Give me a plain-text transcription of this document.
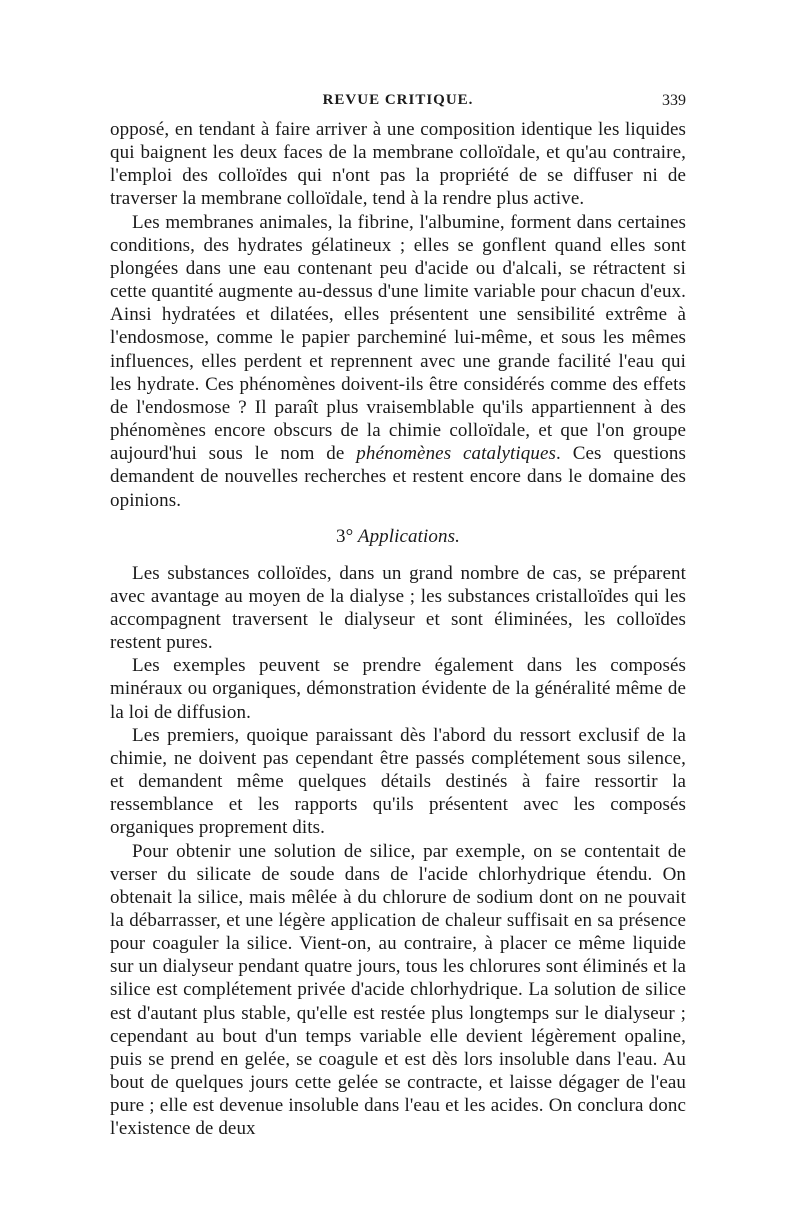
REVUE CRITIQUE.	339

opposé, en tendant à faire arriver à une composition identique les liquides qui baignent les deux faces de la membrane colloïdale, et qu'au contraire, l'emploi des colloïdes qui n'ont pas la propriété de se diffuser ni de traverser la membrane colloïdale, tend à la rendre plus active.

Les membranes animales, la fibrine, l'albumine, forment dans certaines conditions, des hydrates gélatineux ; elles se gonflent quand elles sont plongées dans une eau contenant peu d'acide ou d'alcali, se rétractent si cette quantité augmente au-dessus d'une limite variable pour chacun d'eux. Ainsi hydratées et dilatées, elles présentent une sensibilité extrême à l'endosmose, comme le papier parcheminé lui-même, et sous les mêmes influences, elles perdent et reprennent avec une grande facilité l'eau qui les hydrate. Ces phénomènes doivent-ils être considérés comme des effets de l'endosmose ? Il paraît plus vraisemblable qu'ils appartiennent à des phénomènes encore obscurs de la chimie colloïdale, et que l'on groupe aujourd'hui sous le nom de phénomènes catalytiques. Ces questions demandent de nouvelles recherches et restent encore dans le domaine des opinions.

3° Applications.

Les substances colloïdes, dans un grand nombre de cas, se préparent avec avantage au moyen de la dialyse ; les substances cristalloïdes qui les accompagnent traversent le dialyseur et sont éliminées, les colloïdes restent pures.

Les exemples peuvent se prendre également dans les composés minéraux ou organiques, démonstration évidente de la généralité même de la loi de diffusion.

Les premiers, quoique paraissant dès l'abord du ressort exclusif de la chimie, ne doivent pas cependant être passés complétement sous silence, et demandent même quelques détails destinés à faire ressortir la ressemblance et les rapports qu'ils présentent avec les composés organiques proprement dits.

Pour obtenir une solution de silice, par exemple, on se contentait de verser du silicate de soude dans de l'acide chlorhydrique étendu. On obtenait la silice, mais mêlée à du chlorure de sodium dont on ne pouvait la débarrasser, et une légère application de chaleur suffisait en sa présence pour coaguler la silice. Vient-on, au contraire, à placer ce même liquide sur un dialyseur pendant quatre jours, tous les chlorures sont éliminés et la silice est complétement privée d'acide chlorhydrique. La solution de silice est d'autant plus stable, qu'elle est restée plus longtemps sur le dialyseur ; cependant au bout d'un temps variable elle devient légèrement opaline, puis se prend en gelée, se coagule et est dès lors insoluble dans l'eau. Au bout de quelques jours cette gelée se contracte, et laisse dégager de l'eau pure ; elle est devenue insoluble dans l'eau et les acides. On conclura donc l'existence de deux
